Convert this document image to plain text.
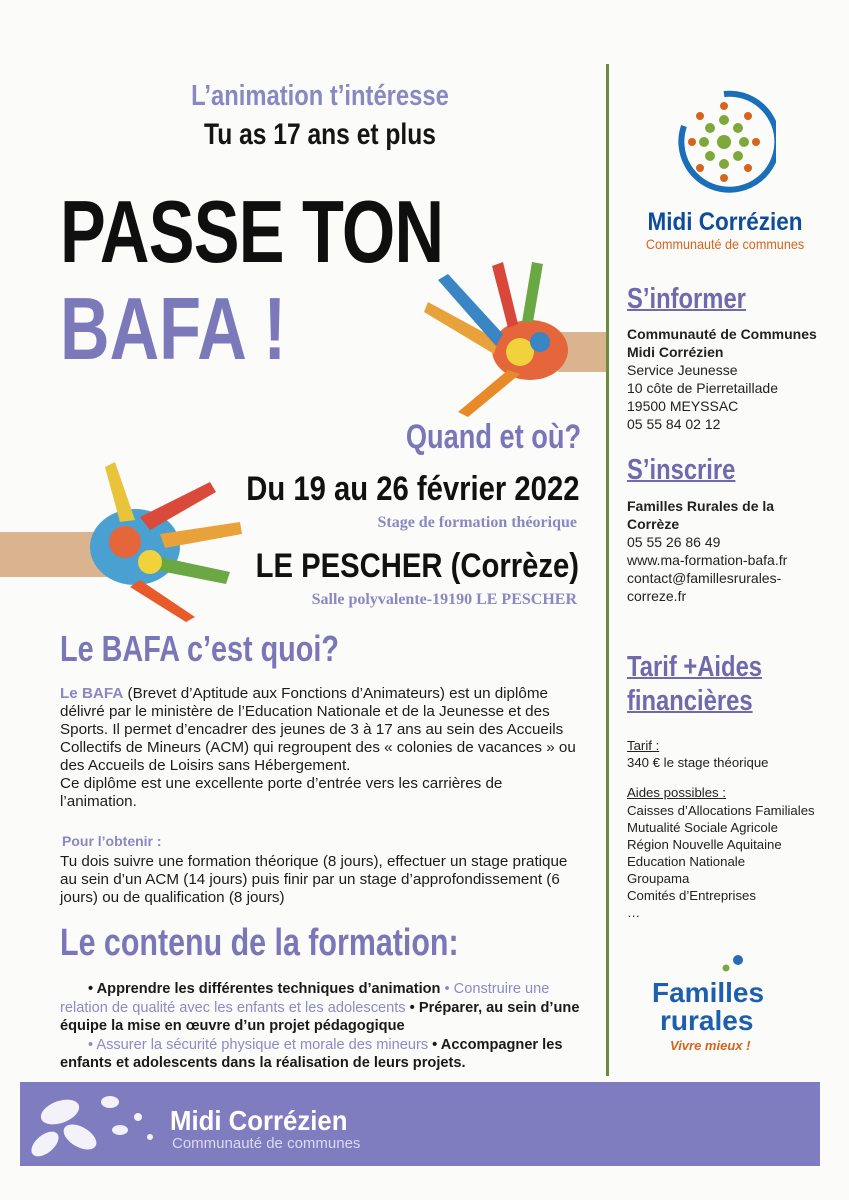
L’animation t’intéresse
Tu as 17 ans et plus
PASSE TON
BAFA !
Quand et où?
Du 19 au 26 février 2022
Stage de formation théorique
LE PESCHER (Corrèze)
Salle polyvalente-19190 LE PESCHER
Le BAFA c’est quoi?
Le BAFA (Brevet d’Aptitude aux Fonctions d’Animateurs) est un diplôme délivré par le ministère de l’Education Nationale et de la Jeunesse et des Sports. Il permet d’encadrer des jeunes de 3 à 17 ans au sein des Accueils Collectifs de Mineurs (ACM) qui regroupent des « colonies de vacances » ou des Accueils de Loisirs sans Hébergement.
Ce diplôme est une excellente porte d’entrée vers les carrières de l’animation.
Pour l’obtenir :
Tu dois suivre une formation théorique (8 jours), effectuer un stage pratique au sein d’un ACM (14 jours) puis finir par un stage d’approfondissement (6 jours) ou de qualification (8 jours)
Le contenu de la formation:
• Apprendre les différentes techniques d’animation • Construire une relation de qualité avec les enfants et les adolescents • Préparer, au sein d’une équipe la mise en œuvre d’un projet pédagogique
• Assurer la sécurité physique et morale des mineurs • Accompagner les enfants et adolescents dans la réalisation de leurs projets.
Midi Corrézien
Communauté de communes
S’informer
Communauté de Communes Midi Corrézien
Service Jeunesse
10 côte de Pierretaillade
19500 MEYSSAC
05 55 84 02 12
S’inscrire
Familles Rurales de la Corrèze
05 55 26 86 49
www.ma-formation-bafa.fr
contact@famillesrurales-correze.fr
Tarif +Aides
financières
Tarif :
340 € le stage théorique
Aides possibles :
Caisses d’Allocations Familiales
Mutualité Sociale Agricole
Région Nouvelle Aquitaine
Education Nationale
Groupama
Comités d’Entreprises
…
Familles
rurales
Vivre mieux !
Midi Corrézien
Communauté de communes
